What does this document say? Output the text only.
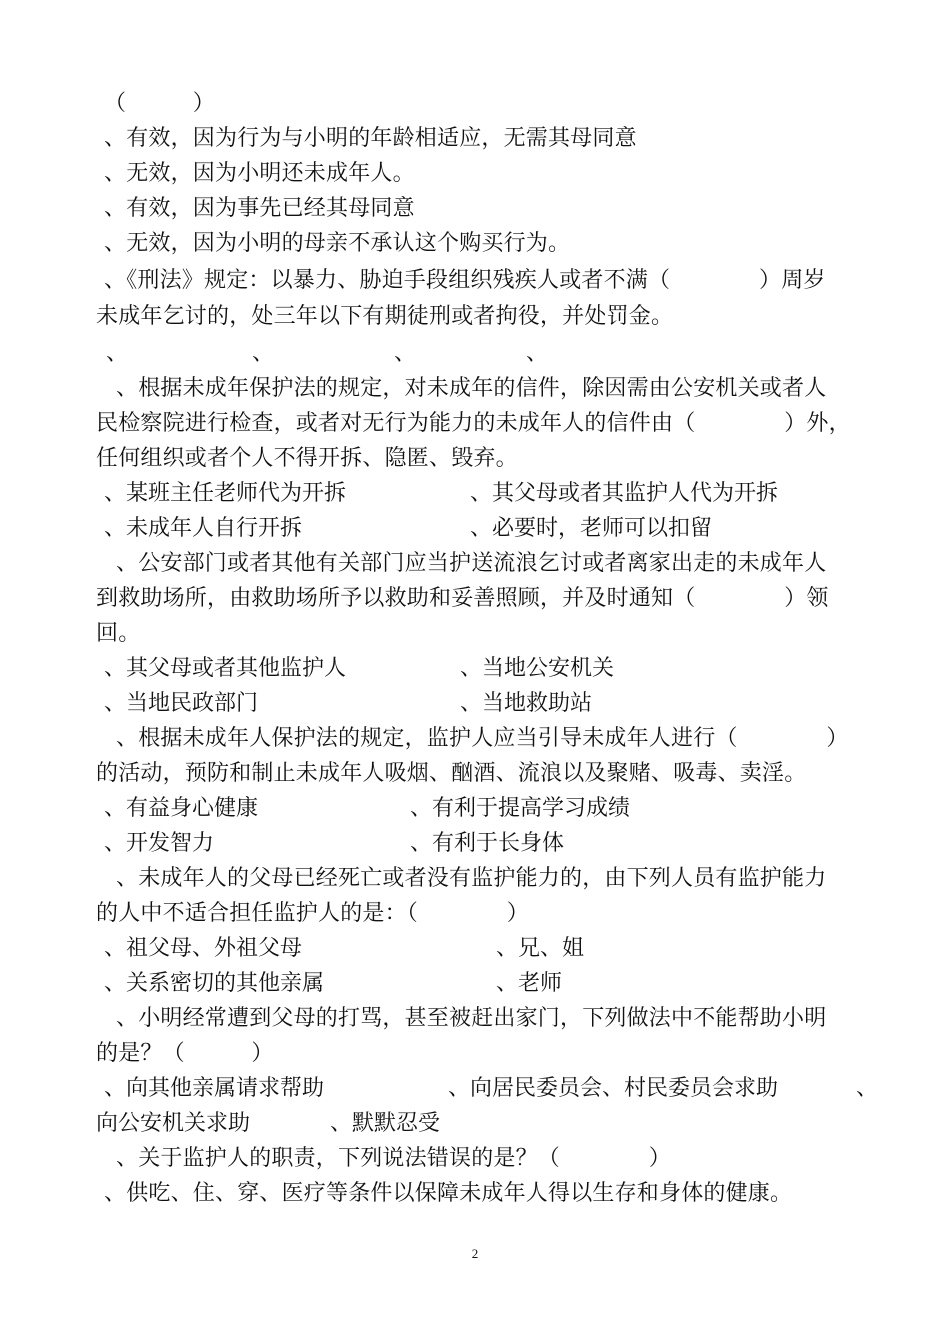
（　　　）
、有效，因为行为与小明的年龄相适应，无需其母同意
、无效，因为小明还未成年人。
、有效，因为事先已经其母同意
、无效，因为小明的母亲不承认这个购买行为。
、《刑法》规定：以暴力、胁迫手段组织残疾人或者不满（　　　　）周岁
未成年乞讨的，处三年以下有期徒刑或者拘役，并处罚金。
、	、	、	、
、根据未成年保护法的规定，对未成年的信件，除因需由公安机关或者人
民检察院进行检查，或者对无行为能力的未成年人的信件由（　　　　）外，
任何组织或者个人不得开拆、隐匿、毁弃。
、某班主任老师代为开拆	、其父母或者其监护人代为开拆
、未成年人自行开拆	、必要时，老师可以扣留
、公安部门或者其他有关部门应当护送流浪乞讨或者离家出走的未成年人
到救助场所，由救助场所予以救助和妥善照顾，并及时通知（　　　　）领
回。
、其父母或者其他监护人	、当地公安机关
、当地民政部门	、当地救助站
、根据未成年人保护法的规定，监护人应当引导未成年人进行（　　　　）
的活动，预防和制止未成年人吸烟、酗酒、流浪以及聚赌、吸毒、卖淫。
、有益身心健康	、有利于提高学习成绩
、开发智力	、有利于长身体
、未成年人的父母已经死亡或者没有监护能力的，由下列人员有监护能力
的人中不适合担任监护人的是：（　　　　）
、祖父母、外祖父母	、兄、姐
、关系密切的其他亲属	、老师
、小明经常遭到父母的打骂，甚至被赶出家门，下列做法中不能帮助小明
的是？（　　　）
、向其他亲属请求帮助	、向居民委员会、村民委员会求助	、
向公安机关求助	、默默忍受
、关于监护人的职责，下列说法错误的是？（　　　　）
、供吃、住、穿、医疗等条件以保障未成年人得以生存和身体的健康。
2
